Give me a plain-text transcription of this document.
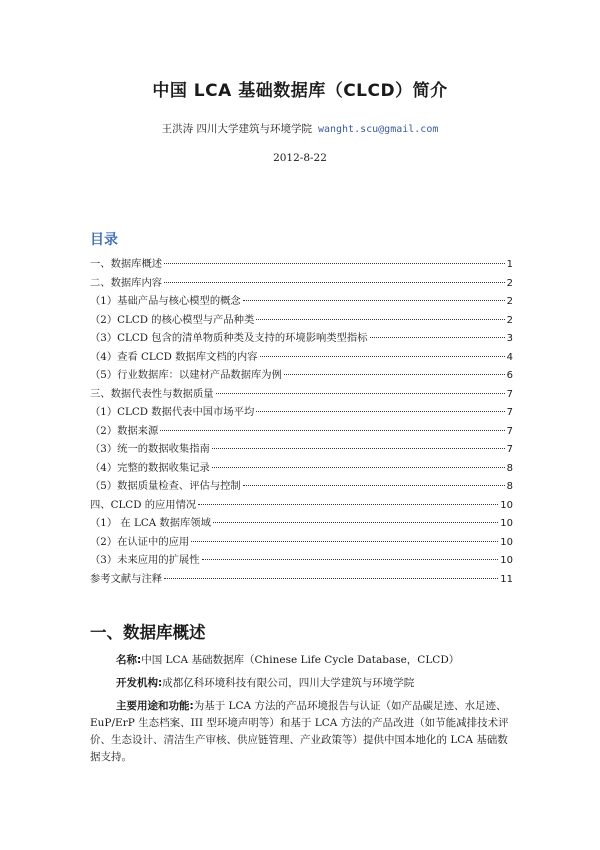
中国 LCA 基础数据库（CLCD）简介
王洪涛 四川大学建筑与环境学院 wanght.scu@gmail.com
2012-8-22
目录
一、数据库概述	1
二、数据库内容	2
（1）基础产品与核心模型的概念	2
（2）CLCD 的核心模型与产品种类	2
（3）CLCD 包含的清单物质种类及支持的环境影响类型指标	3
（4）查看 CLCD 数据库文档的内容	4
（5）行业数据库：以建材产品数据库为例	6
三、数据代表性与数据质量	7
（1）CLCD 数据代表中国市场平均	7
（2）数据来源	7
（3）统一的数据收集指南	7
（4）完整的数据收集记录	8
（5）数据质量检查、评估与控制	8
四、CLCD 的应用情况	10
（1） 在 LCA 数据库领域	10
（2）在认证中的应用	10
（3）未来应用的扩展性	10
参考文献与注释	11
一、数据库概述
名称:中国 LCA 基础数据库（Chinese Life Cycle Database，CLCD）
开发机构:成都亿科环境科技有限公司，四川大学建筑与环境学院
主要用途和功能:为基于 LCA 方法的产品环境报告与认证（如产品碳足迹、水足迹、EuP/ErP 生态档案、III 型环境声明等）和基于 LCA 方法的产品改进（如节能减排技术评价、生态设计、清洁生产审核、供应链管理、产业政策等）提供中国本地化的 LCA 基础数据支持。
